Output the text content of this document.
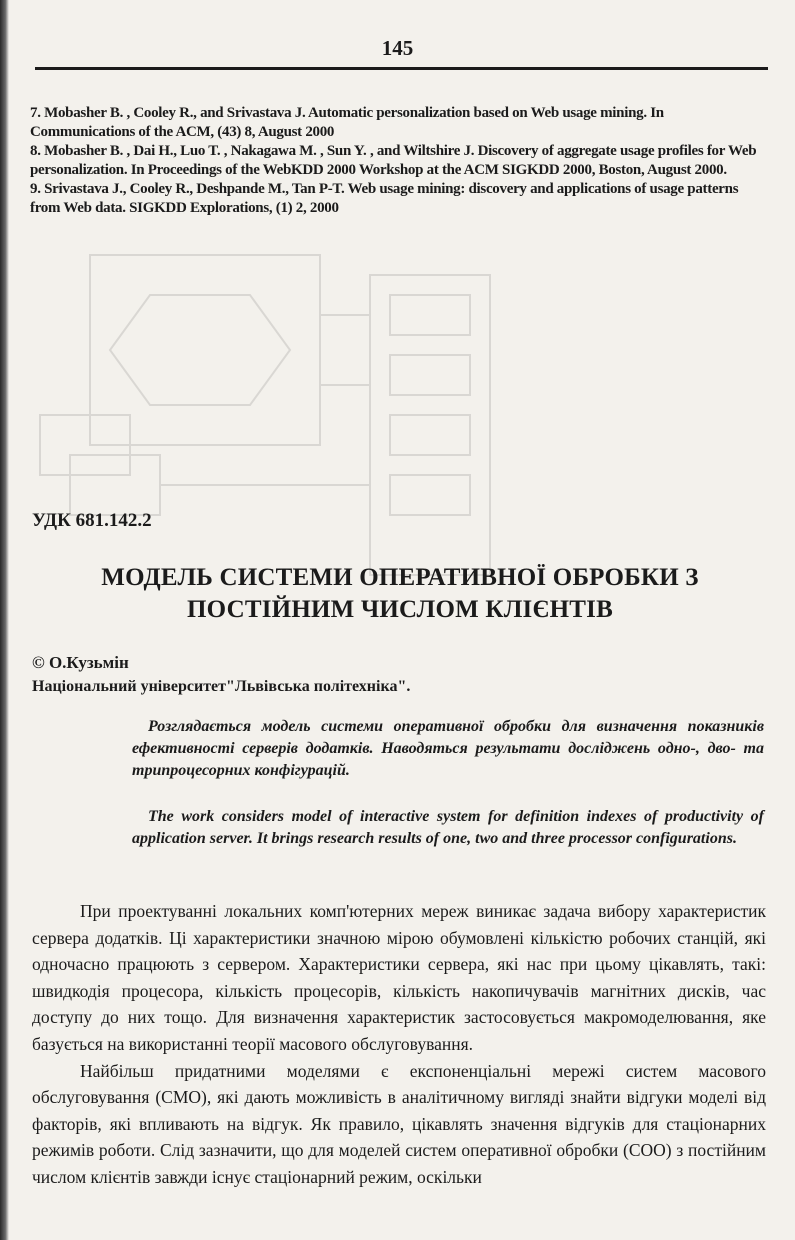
145

7. Mobasher B. , Cooley R., and Srivastava J. Automatic personalization based on Web usage mining. In Communications of the ACM, (43) 8, August 2000

8. Mobasher B. , Dai H., Luo T. , Nakagawa M. , Sun Y. , and Wiltshire J. Discovery of aggregate usage profiles for Web personalization. In Proceedings of the WebKDD 2000 Workshop at the ACM SIGKDD 2000, Boston, August 2000.

9. Srivastava J., Cooley R., Deshpande M., Tan P-T. Web usage mining: discovery and applications of usage patterns from Web data. SIGKDD Explorations, (1) 2, 2000

УДК 681.142.2
МОДЕЛЬ СИСТЕМИ ОПЕРАТИВНОЇ ОБРОБКИ З
ПОСТІЙНИМ ЧИСЛОМ КЛІЄНТІВ
© О.Кузьмін
Національний університет"Львівська політехніка".

Розглядається модель системи оперативної обробки для визначення показників ефективності серверів додатків. Наводяться результати досліджень одно-, дво- та трипроцесорних конфігурацій.

The work considers model of interactive system for definition indexes of productivity of application server. It brings research results of one, two and three processor configurations.

При проектуванні локальних комп'ютерних мереж виникає задача вибору характеристик сервера додатків. Ці характеристики значною мірою обумовлені кількістю робочих станцій, які одночасно працюють з сервером. Характеристики сервера, які нас при цьому цікавлять, такі: швидкодія процесора, кількість процесорів, кількість накопичувачів магнітних дисків, час доступу до них тощо. Для визначення характеристик застосовується макромоделювання, яке базується на використанні теорії масового обслуговування.

Найбільш придатними моделями є експоненціальні мережі систем масового обслуговування (СМО), які дають можливість в аналітичному вигляді знайти відгуки моделі від факторів, які впливають на відгук. Як правило, цікавлять значення відгуків для стаціонарних режимів роботи. Слід зазначити, що для моделей систем оперативної обробки (СОО) з постійним числом клієнтів завжди існує стаціонарний режим, оскільки
